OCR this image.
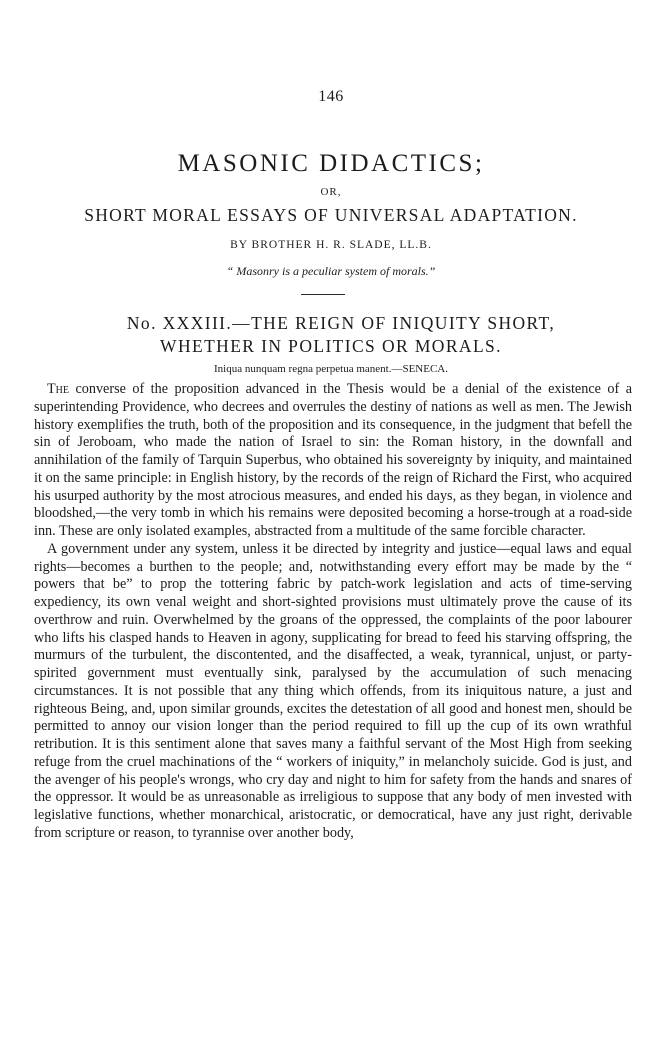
146
MASONIC DIDACTICS;
OR,
SHORT MORAL ESSAYS OF UNIVERSAL ADAPTATION.
BY BROTHER H. R. SLADE, LL.B.
“ Masonry is a peculiar system of morals.”
No. XXXIII.—THE REIGN OF INIQUITY SHORT,
WHETHER IN POLITICS OR MORALS.
Iniqua nunquam regna perpetua manent.—SENECA.

The converse of the proposition advanced in the Thesis would be a denial of the existence of a superintending Providence, who decrees and overrules the destiny of nations as well as men. The Jewish history exemplifies the truth, both of the proposition and its consequence, in the judgment that befell the sin of Jeroboam, who made the nation of Israel to sin: the Roman history, in the downfall and annihilation of the family of Tarquin Superbus, who obtained his sovereignty by iniquity, and maintained it on the same principle: in English history, by the records of the reign of Richard the First, who acquired his usurped authority by the most atrocious measures, and ended his days, as they began, in violence and bloodshed,—the very tomb in which his remains were deposited becoming a horse-trough at a road-side inn. These are only isolated examples, abstracted from a multitude of the same forcible character.

A government under any system, unless it be directed by integrity and justice—equal laws and equal rights—becomes a burthen to the people; and, notwithstanding every effort may be made by the “ powers that be” to prop the tottering fabric by patch-work legislation and acts of time-serving expediency, its own venal weight and short-sighted provisions must ultimately prove the cause of its overthrow and ruin. Overwhelmed by the groans of the oppressed, the complaints of the poor labourer who lifts his clasped hands to Heaven in agony, supplicating for bread to feed his starving offspring, the murmurs of the turbulent, the discontented, and the disaffected, a weak, tyrannical, unjust, or party-spirited government must eventually sink, paralysed by the accumulation of such menacing circumstances. It is not possible that any thing which offends, from its iniquitous nature, a just and righteous Being, and, upon similar grounds, excites the detestation of all good and honest men, should be permitted to annoy our vision longer than the period required to fill up the cup of its own wrathful retribution. It is this sentiment alone that saves many a faithful servant of the Most High from seeking refuge from the cruel machinations of the “ workers of iniquity,” in melancholy suicide. God is just, and the avenger of his people's wrongs, who cry day and night to him for safety from the hands and snares of the oppressor. It would be as unreasonable as irreligious to suppose that any body of men invested with legislative functions, whether monarchical, aristocratic, or democratical, have any just right, derivable from scripture or reason, to tyrannise over another body,
